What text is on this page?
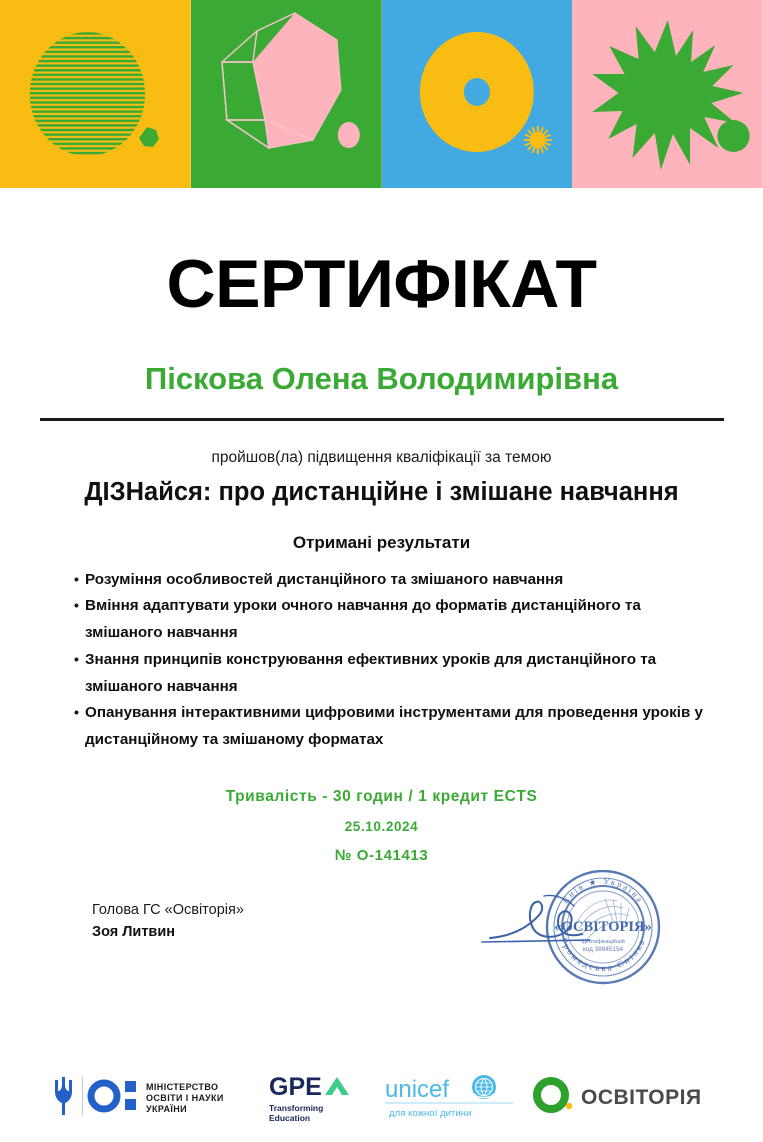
СЕРТИФІКАТ
Піскова Олена Володимирівна
пройшов(ла) підвищення кваліфікації за темою
ДІЗНайся: про дистанційне і змішане навчання
Отримані результати
• Розуміння особливостей дистанційного та змішаного навчання
• Вміння адаптувати уроки очного навчання до форматів дистанційного та змішаного навчання
• Знання принципів конструювання ефективних уроків для дистанційного та змішаного навчання
• Опанування інтерактивними цифровими інструментами для проведення уроків у дистанційному та змішаному форматах
Тривалість - 30 годин / 1 кредит ECTS
25.10.2024
№ O-141413
Голова ГС «Освіторія»
Зоя Литвин
Київ ★ Україна
Громадська Спілка
«ОСВІТОРІЯ»
Ідентифікаційний
код 38945154
МІНІСТЕРСТВО
ОСВІТИ І НАУКИ
УКРАЇНИ
GPE
Transforming
Education
unicef
для кожної дитини
ОСВІТОРІЯ
